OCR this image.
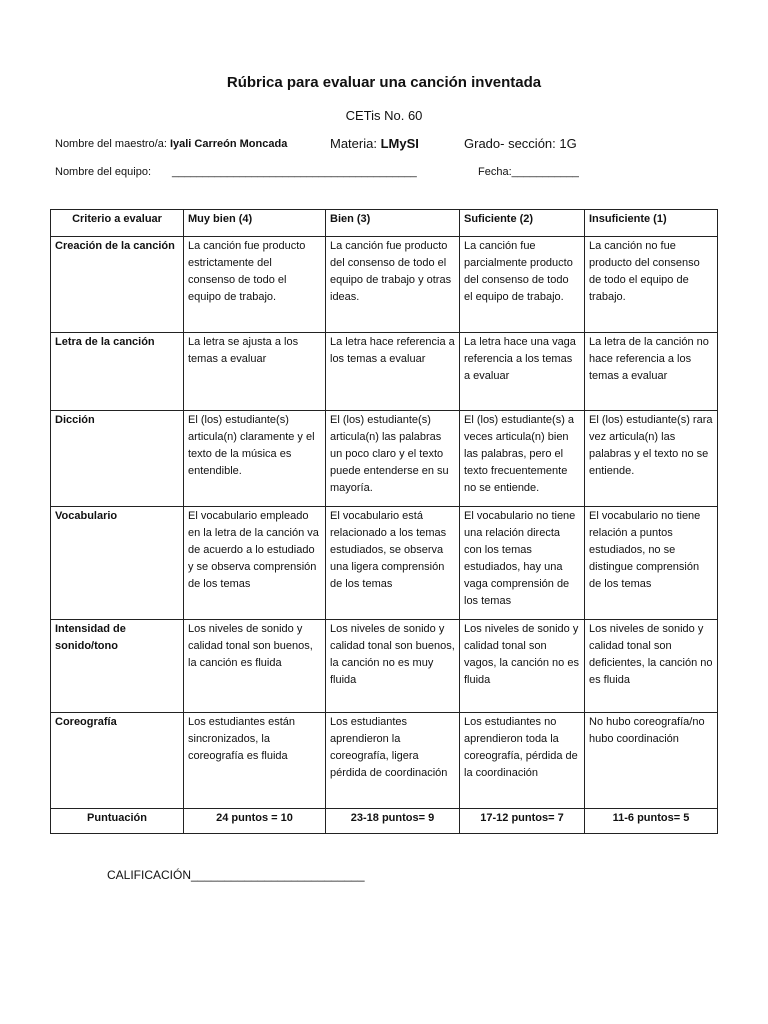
Rúbrica para evaluar una canción inventada
CETis No. 60
Nombre del maestro/a: Iyali Carreón Moncada	Materia: LMySI	Grado- sección: 1G
Nombre del equipo: ________________________________________	Fecha:___________
Criterio a evaluar	Muy bien (4)	Bien (3)	Suficiente (2)	Insuficiente (1)
Creación de la canción	La canción fue producto estrictamente del consenso de todo el equipo de trabajo.	La canción fue producto del consenso de todo el equipo de trabajo y otras ideas.	La canción fue parcialmente producto del consenso de todo el equipo de trabajo.	La canción no fue producto del consenso de todo el equipo de trabajo.
Letra de la canción	La letra se ajusta a los temas a evaluar	La letra hace referencia a los temas a evaluar	La letra hace una vaga referencia a los temas a evaluar	La letra de la canción no hace referencia a los temas a evaluar
Dicción	El (los) estudiante(s) articula(n) claramente y el texto de la música es entendible.	El (los) estudiante(s) articula(n) las palabras un poco claro y el texto puede entenderse en su mayoría.	El (los) estudiante(s) a veces articula(n) bien las palabras, pero el texto frecuentemente no se entiende.	El (los) estudiante(s) rara vez articula(n) las palabras y el texto no se entiende.
Vocabulario	El vocabulario empleado en la letra de la canción va de acuerdo a lo estudiado y se observa comprensión de los temas	El vocabulario está relacionado a los temas estudiados, se observa una ligera comprensión de los temas	El vocabulario no tiene una relación directa con los temas estudiados, hay una vaga comprensión de los temas	El vocabulario no tiene relación a puntos estudiados, no se distingue comprensión de los temas
Intensidad de sonido/tono	Los niveles de sonido y calidad tonal son buenos, la canción es fluida	Los niveles de sonido y calidad tonal son buenos, la canción no es muy fluida	Los niveles de sonido y calidad tonal son vagos, la canción no es fluida	Los niveles de sonido y calidad tonal son deficientes, la canción no es fluida
Coreografía	Los estudiantes están sincronizados, la coreografía es fluida	Los estudiantes aprendieron la coreografía, ligera pérdida de coordinación	Los estudiantes no aprendieron toda la coreografía, pérdida de la coordinación	No hubo coreografía/no hubo coordinación
Puntuación	24 puntos = 10	23-18 puntos= 9	17-12 puntos= 7	11-6 puntos= 5
CALIFICACIÓN__________________________
